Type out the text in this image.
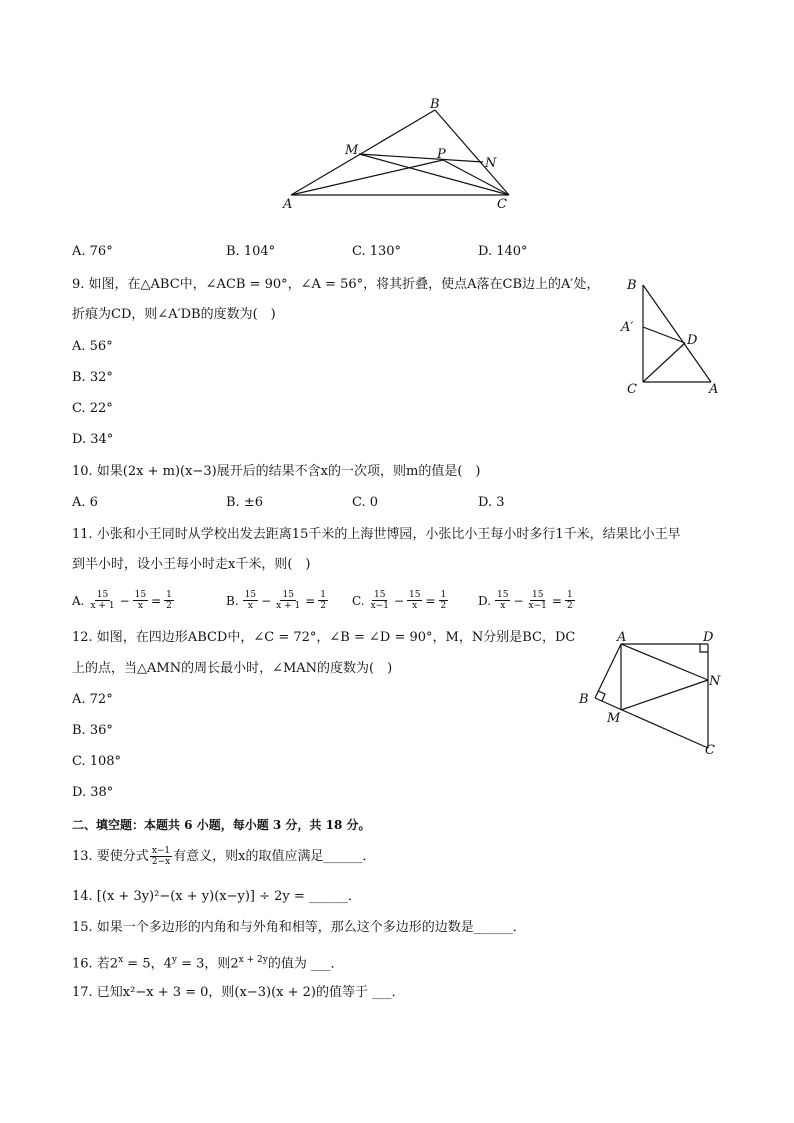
B
M	P
N
A	C
A. 76°	B. 104°	C. 130°	D. 140°
9. 如图，在△ABC中，∠ACB = 90°，∠A = 56°，将其折叠，使点A落在CB边上的A′处，
折痕为CD，则∠A′DB的度数为(　)
A. 56°
B. 32°
C. 22°
D. 34°
B
A′
D
C	A
10. 如果(2x + m)(x−3)展开后的结果不含x的一次项，则m的值是(　)
A. 6	B. ±6	C. 0	D. 3
11. 小张和小王同时从学校出发去距离15千米的上海世博园，小张比小王每小时多行1千米，结果比小王早
到半小时，设小王每小时走x千米，则(　)
A. $\frac{15}{x + 1} - \frac{15}{x} = \frac{1}{2}$	B. $\frac{15}{x} - \frac{15}{x + 1} = \frac{1}{2} C$. $\frac{15}{x-1} - \frac{15}{x} = \frac{1}{2} D$. $\frac{15}{x} - \frac{15}{x-1} = \frac{1}{2}$
12. 如图，在四边形ABCD中，∠C = 72°，∠B = ∠D = 90°，M，N分别是BC，DC
上的点，当△AMN的周长最小时，∠MAN的度数为(　)
A. 72°
B. 36°
C. 108°
D. 38°
A	D
N
B
M
C
二、填空题：本题共 6 小题，每小题 3 分，共 18 分。
13. 要使分式 $\frac{x-1}{2-x}$ 有意义，则x的取值应满足______．
14. [(x + 3y)²−(x + y)(x−y)] ÷ 2y = ______．
15. 如果一个多边形的内角和与外角和相等，那么这个多边形的边数是______．
16. 若$2^x = 5$，$4^y = 3$，则$2^{x + 2y}$的值为 ___．
17. 已知x²−x + 3 = 0，则(x−3)(x + 2)的值等于 ___．
